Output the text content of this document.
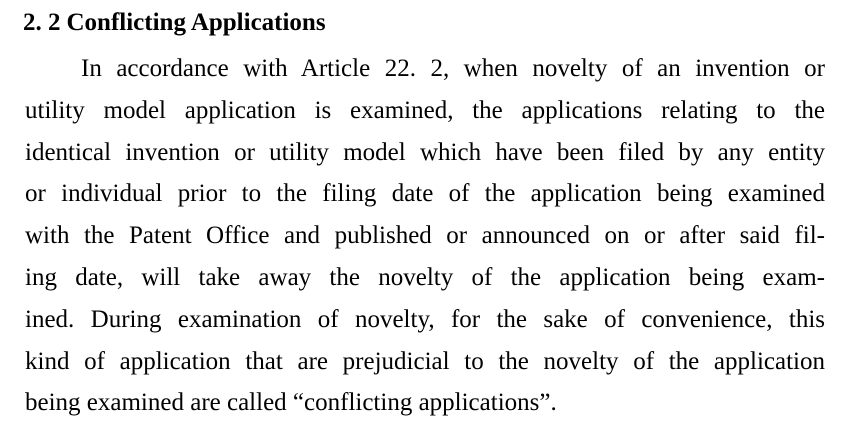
2. 2 Conflicting Applications
In accordance with Article 22. 2, when novelty of an invention or
utility model application is examined, the applications relating to the
identical invention or utility model which have been filed by any entity
or individual prior to the filing date of the application being examined
with the Patent Office and published or announced on or after said fil-
ing date, will take away the novelty of the application being exam-
ined. During examination of novelty, for the sake of convenience, this
kind of application that are prejudicial to the novelty of the application
being examined are called “conflicting applications”.
